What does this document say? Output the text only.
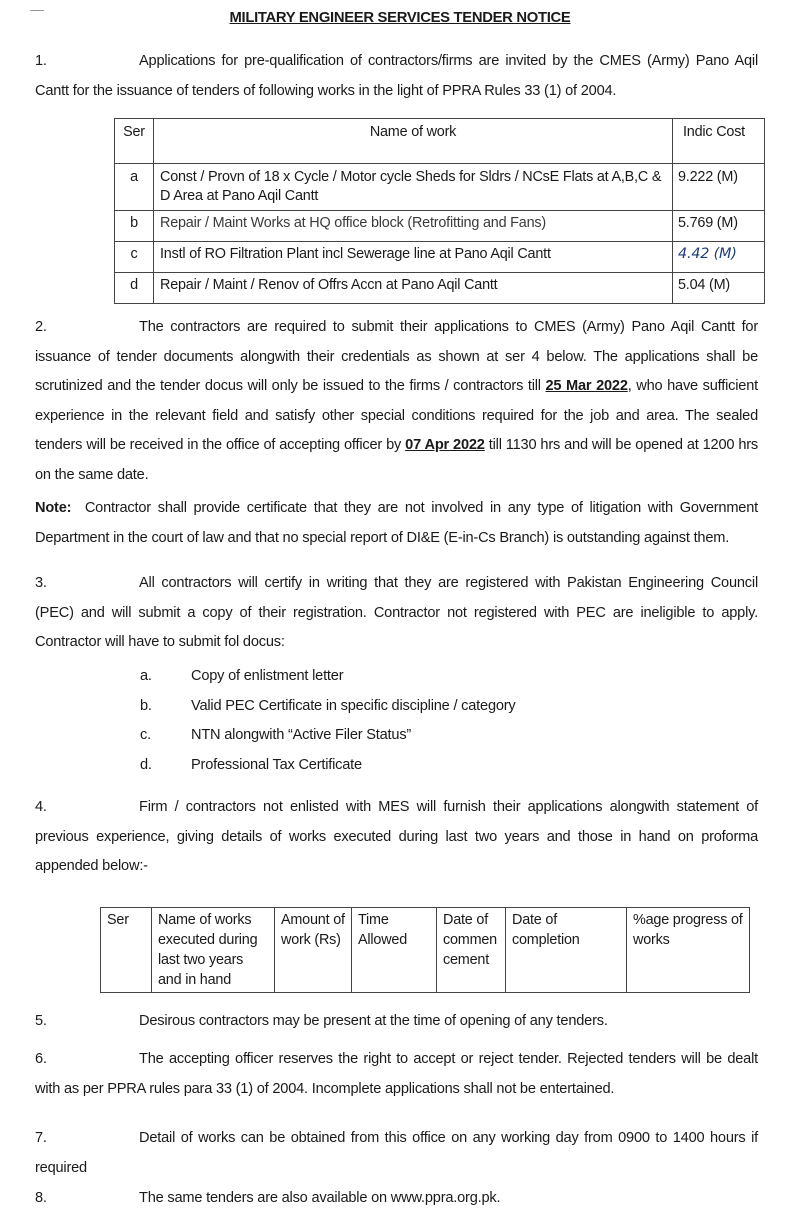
MILITARY ENGINEER SERVICES TENDER NOTICE
1.	Applications for pre-qualification of contractors/firms are invited by the CMES (Army) Pano Aqil Cantt for the issuance of tenders of following works in the light of PPRA Rules 33 (1) of 2004.
Ser	Name of work	Indic Cost
a	Const / Provn of 18 x Cycle / Motor cycle Sheds for Sldrs / NCsE Flats at A,B,C & D Area at Pano Aqil Cantt	9.222 (M)
b	Repair / Maint Works at HQ office block (Retrofitting and Fans)	5.769 (M)
c	Instl of RO Filtration Plant incl Sewerage line at Pano Aqil Cantt	4.42 (M)
d	Repair / Maint / Renov of Offrs Accn at Pano Aqil Cantt	5.04 (M)
2.	The contractors are required to submit their applications to CMES (Army) Pano Aqil Cantt for issuance of tender documents alongwith their credentials as shown at ser 4 below. The applications shall be scrutinized and the tender docus will only be issued to the firms / contractors till 25 Mar 2022, who have sufficient experience in the relevant field and satisfy other special conditions required for the job and area. The sealed tenders will be received in the office of accepting officer by 07 Apr 2022 till 1130 hrs and will be opened at 1200 hrs on the same date.
Note: Contractor shall provide certificate that they are not involved in any type of litigation with Government Department in the court of law and that no special report of DI&E (E-in-Cs Branch) is outstanding against them.
3.	All contractors will certify in writing that they are registered with Pakistan Engineering Council (PEC) and will submit a copy of their registration. Contractor not registered with PEC are ineligible to apply. Contractor will have to submit fol docus:
a.	Copy of enlistment letter
b.	Valid PEC Certificate in specific discipline / category
c.	NTN alongwith “Active Filer Status”
d.	Professional Tax Certificate
4.	Firm / contractors not enlisted with MES will furnish their applications alongwith statement of previous experience, giving details of works executed during last two years and those in hand on proforma appended below:-
Ser	Name of works executed during last two years and in hand	Amount of work (Rs)	Time Allowed	Date of commen cement	Date of completion	%age progress of works
5.	Desirous contractors may be present at the time of opening of any tenders.
6.	The accepting officer reserves the right to accept or reject tender. Rejected tenders will be dealt with as per PPRA rules para 33 (1) of 2004. Incomplete applications shall not be entertained.
7.	Detail of works can be obtained from this office on any working day from 0900 to 1400 hours if required
8.	The same tenders are also available on www.ppra.org.pk.
